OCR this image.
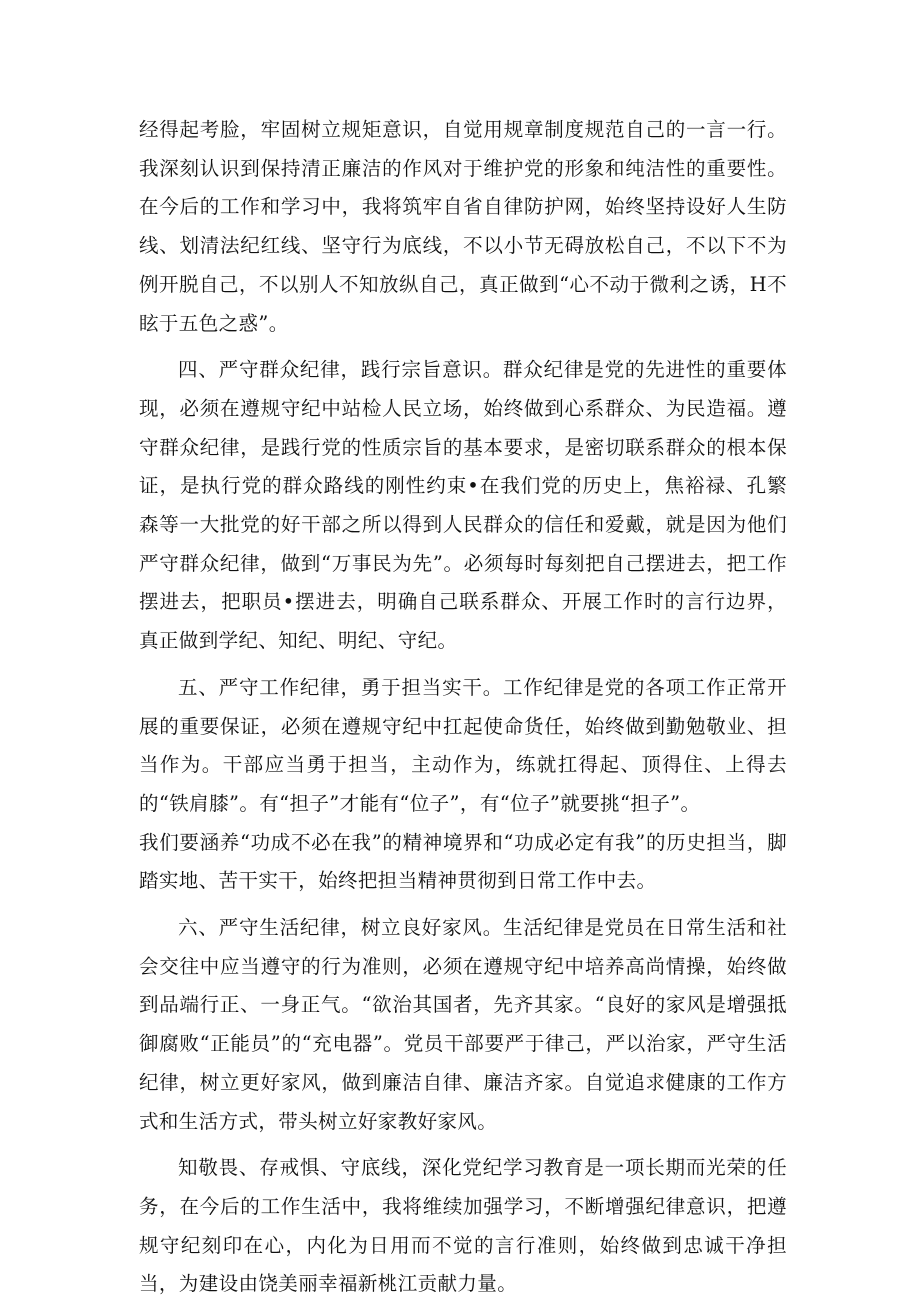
经得起考脸，牢固树立规矩意识，自觉用规章制度规范自己的一言一行。我深刻认识到保持清正廉洁的作风对于维护党的形象和纯洁性的重要性。在今后的工作和学习中，我将筑牢自省自律防护网，始终坚持设好人生防线、划清法纪红线、坚守行为底线，不以小节无碍放松自己，不以下不为例开脱自己，不以别人不知放纵自己，真正做到“心不动于微利之诱，H不眩于五色之惑”。

四、严守群众纪律，践行宗旨意识。群众纪律是党的先进性的重要体现，必须在遵规守纪中站检人民立场，始终做到心系群众、为民造福。遵守群众纪律，是践行党的性质宗旨的基本要求，是密切联系群众的根本保证，是执行党的群众路线的刚性约束•在我们党的历史上，焦裕禄、孔繁森等一大批党的好干部之所以得到人民群众的信任和爱戴，就是因为他们严守群众纪律，做到“万事民为先”。必须每时每刻把自己摆进去，把工作摆进去，把职员•摆进去，明确自己联系群众、开展工作时的言行边界，真正做到学纪、知纪、明纪、守纪。

五、严守工作纪律，勇于担当实干。工作纪律是党的各项工作正常开展的重要保证，必须在遵规守纪中扛起使命货任，始终做到勤勉敬业、担当作为。干部应当勇于担当，主动作为，练就扛得起、顶得住、上得去的“铁肩膝”。有“担子”才能有“位子”，有“位子”就要挑“担子”。

我们要涵养“功成不必在我”的精神境界和“功成必定有我”的历史担当，脚踏实地、苦干实干，始终把担当精神贯彻到日常工作中去。

六、严守生活纪律，树立良好家风。生活纪律是党员在日常生活和社会交往中应当遵守的行为准则，必须在遵规守纪中培养高尚情操，始终做到品端行正、一身正气。“欲治其国者，先齐其家。“良好的家风是增强抵御腐败“正能员”的“充电器”。党员干部要严于律己，严以治家，严守生活纪律，树立更好家风，做到廉洁自律、廉洁齐家。自觉追求健康的工作方式和生活方式，带头树立好家教好家风。

知敬畏、存戒惧、守底线，深化党纪学习教育是一项长期而光荣的任务，在今后的工作生活中，我将维续加强学习，不断增强纪律意识，把遵规守纪刻印在心，内化为日用而不觉的言行准则，始终做到忠诚干净担当，为建设由饶美丽幸福新桃江贡献力量。
